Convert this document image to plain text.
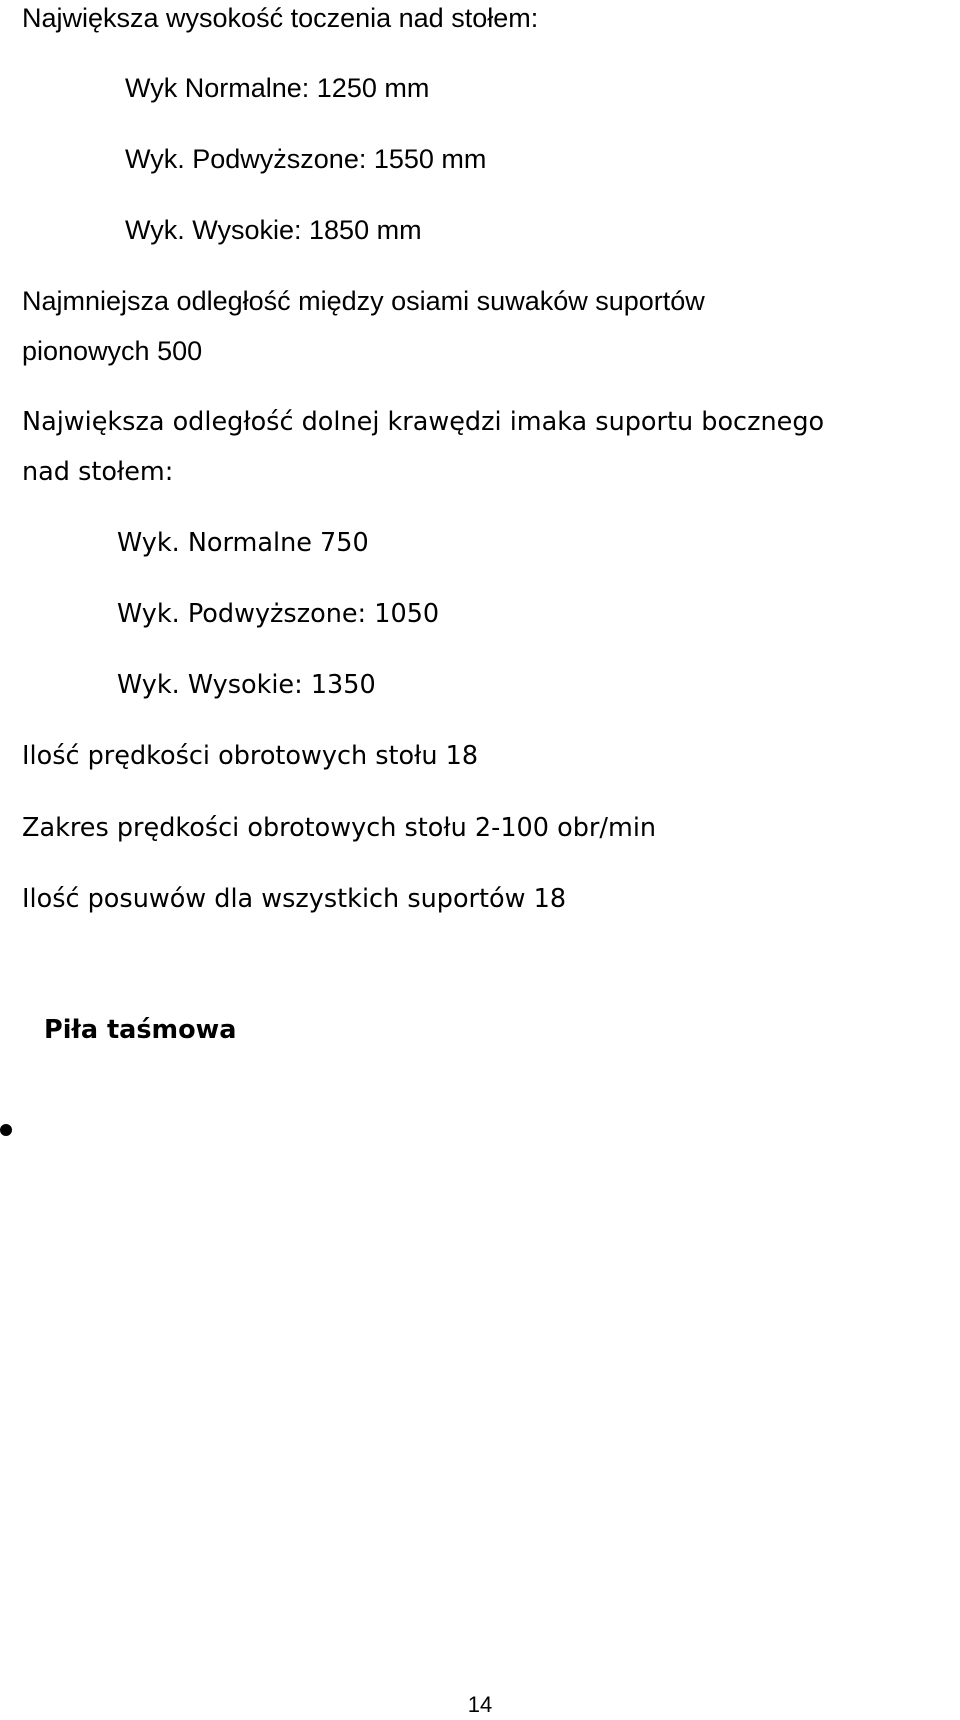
Największa wysokość toczenia nad stołem:

Wyk Normalne: 1250 mm

Wyk. Podwyższone: 1550 mm

Wyk. Wysokie: 1850 mm

Najmniejsza odległość między osiami suwaków suportów

pionowych 500

Największa odległość dolnej krawędzi imaka suportu bocznego

nad stołem:

Wyk. Normalne 750

Wyk. Podwyższone: 1050

Wyk. Wysokie: 1350

Ilość prędkości obrotowych stołu 18

Zakres prędkości obrotowych stołu 2-100 obr/min

Ilość posuwów dla wszystkich suportów 18

Piła taśmowa

14
